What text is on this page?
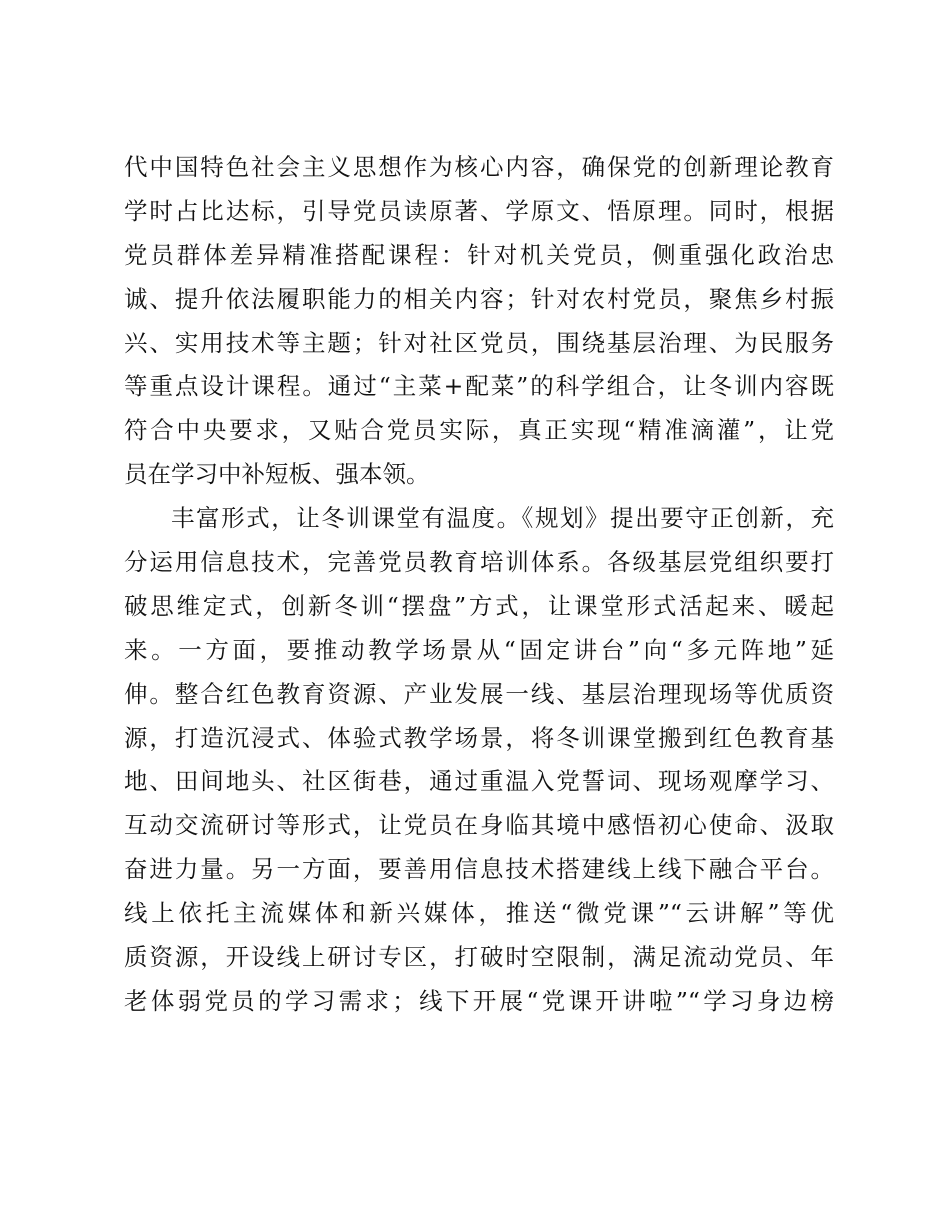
代中国特色社会主义思想作为核心内容，确保党的创新理论教育
学时占比达标，引导党员读原著、学原文、悟原理。同时，根据
党员群体差异精准搭配课程：针对机关党员，侧重强化政治忠
诚、提升依法履职能力的相关内容；针对农村党员，聚焦乡村振
兴、实用技术等主题；针对社区党员，围绕基层治理、为民服务
等重点设计课程。通过“主菜+配菜”的科学组合，让冬训内容既
符合中央要求，又贴合党员实际，真正实现“精准滴灌”，让党
员在学习中补短板、强本领。
丰富形式，让冬训课堂有温度。《规划》提出要守正创新，充
分运用信息技术，完善党员教育培训体系。各级基层党组织要打
破思维定式，创新冬训“摆盘”方式，让课堂形式活起来、暖起
来。一方面，要推动教学场景从“固定讲台”向“多元阵地”延
伸。整合红色教育资源、产业发展一线、基层治理现场等优质资
源，打造沉浸式、体验式教学场景，将冬训课堂搬到红色教育基
地、田间地头、社区街巷，通过重温入党誓词、现场观摩学习、
互动交流研讨等形式，让党员在身临其境中感悟初心使命、汲取
奋进力量。另一方面，要善用信息技术搭建线上线下融合平台。
线上依托主流媒体和新兴媒体，推送“微党课”“云讲解”等优
质资源，开设线上研讨专区，打破时空限制，满足流动党员、年
老体弱党员的学习需求；线下开展“党课开讲啦”“学习身边榜
